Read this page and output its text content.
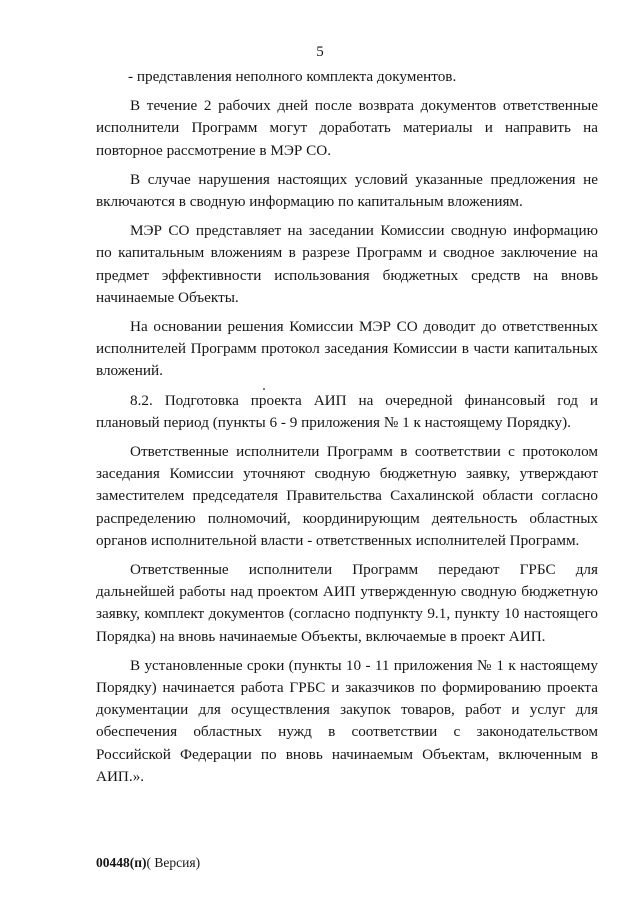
5

- представления неполного комплекта документов.

В течение 2 рабочих дней после возврата документов ответственные исполнители Программ могут доработать материалы и направить на повторное рассмотрение в МЭР СО.

В случае нарушения настоящих условий указанные предложения не включаются в сводную информацию по капитальным вложениям.

МЭР СО представляет на заседании Комиссии сводную информацию по капитальным вложениям в разрезе Программ и сводное заключение на предмет эффективности использования бюджетных средств на вновь начинаемые Объекты.

На основании решения Комиссии МЭР СО доводит до ответственных исполнителей Программ протокол заседания Комиссии в части капитальных вложений.

8.2. Подготовка проекта АИП на очередной финансовый год и плановый период (пункты 6 - 9 приложения № 1 к настоящему Порядку).

Ответственные исполнители Программ в соответствии с протоколом заседания Комиссии уточняют сводную бюджетную заявку, утверждают заместителем председателя Правительства Сахалинской области согласно распределению полномочий, координирующим деятельность областных органов исполнительной власти - ответственных исполнителей Программ.

Ответственные исполнители Программ передают ГРБС для дальнейшей работы над проектом АИП утвержденную сводную бюджетную заявку, комплект документов (согласно подпункту 9.1, пункту 10 настоящего Порядка) на вновь начинаемые Объекты, включаемые в проект АИП.

В установленные сроки (пункты 10 - 11 приложения № 1 к настоящему Порядку) начинается работа ГРБС и заказчиков по формированию проекта документации для осуществления закупок товаров, работ и услуг для обеспечения областных нужд в соответствии с законодательством Российской Федерации по вновь начинаемым Объектам, включенным в АИП.».

00448(п)( Версия)
